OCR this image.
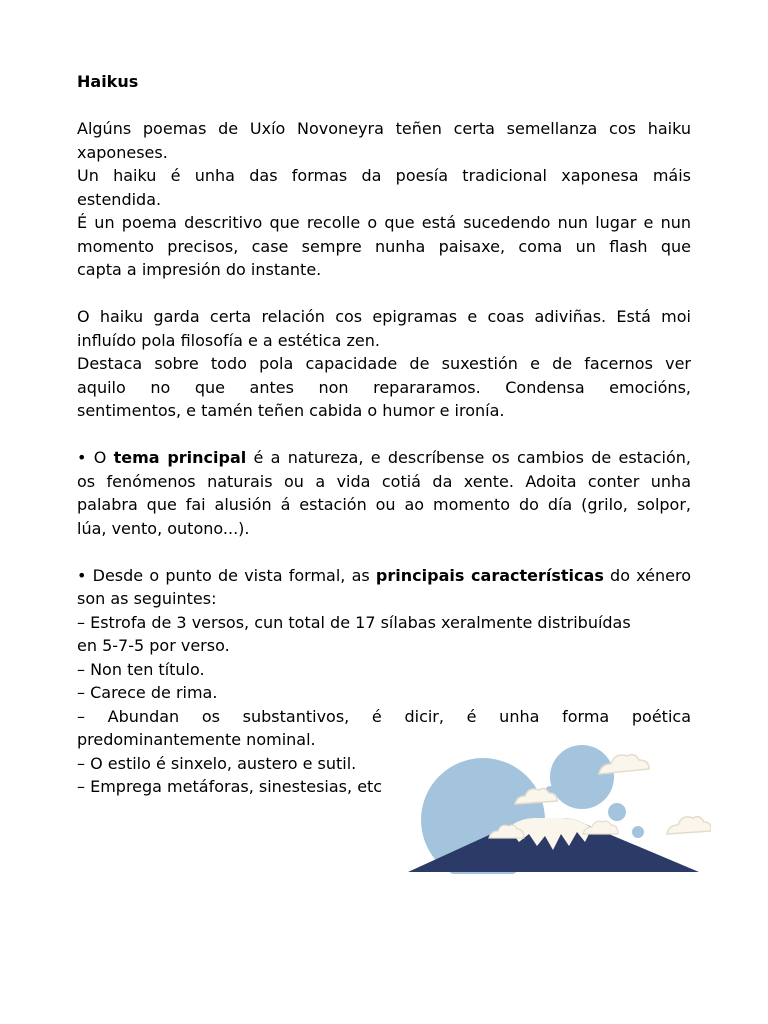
Haikus
Algúns poemas de Uxío Novoneyra teñen certa semellanza cos haiku
xaponeses.
Un haiku é unha das formas da poesía tradicional xaponesa máis
estendida.
É un poema descritivo que recolle o que está sucedendo nun lugar e nun
momento precisos, case sempre nunha paisaxe, coma un flash que
capta a impresión do instante.
O haiku garda certa relación cos epigramas e coas adiviñas. Está moi
influído pola filosofía e a estética zen.
Destaca sobre todo pola capacidade de suxestión e de facernos ver
aquilo no que antes non repararamos. Condensa emocións,
sentimentos, e tamén teñen cabida o humor e ironía.
• O tema principal é a natureza, e descríbense os cambios de estación,
os fenómenos naturais ou a vida cotiá da xente. Adoita conter unha
palabra que fai alusión á estación ou ao momento do día (grilo, solpor,
lúa, vento, outono...).
• Desde o punto de vista formal, as principais características do xénero
son as seguintes:
– Estrofa de 3 versos, cun total de 17 sílabas xeralmente distribuídas
en 5-7-5 por verso.
– Non ten título.
– Carece de rima.
– Abundan os substantivos, é dicir, é unha forma poética
predominantemente nominal.
– O estilo é sinxelo, austero e sutil.
– Emprega metáforas, sinestesias, etc
